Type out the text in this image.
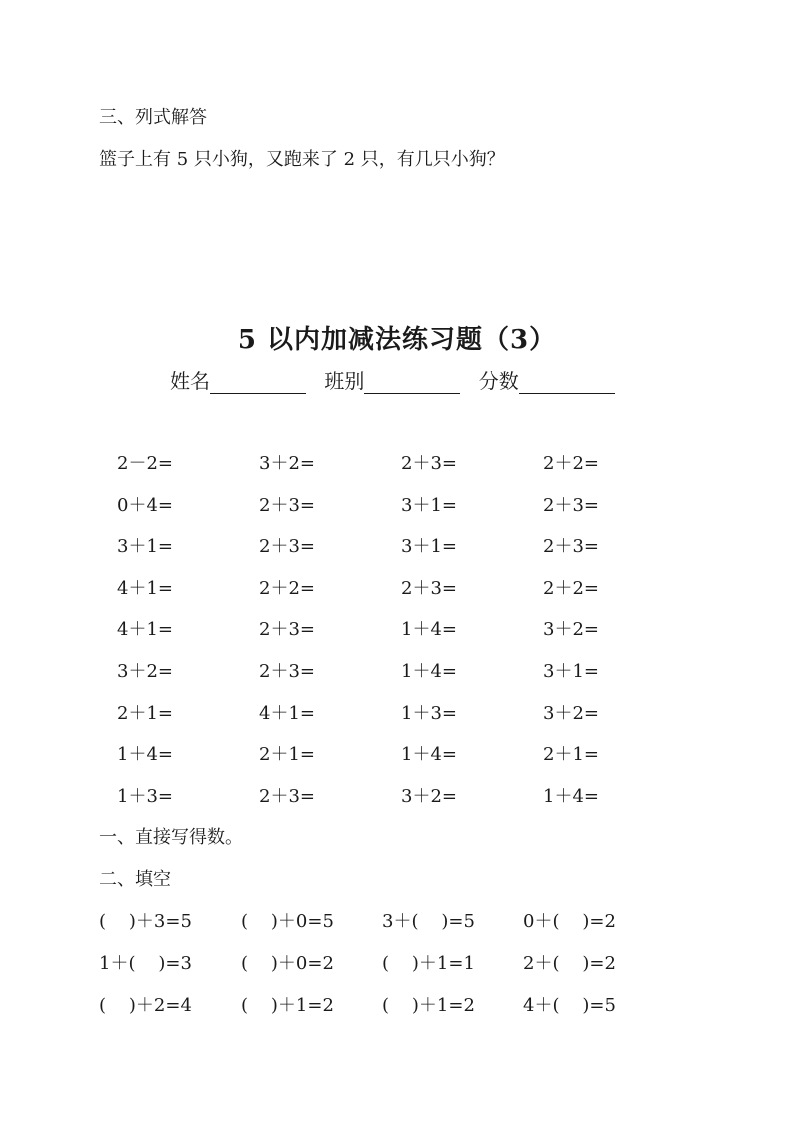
三、列式解答
篮子上有 5 只小狗，又跑来了 2 只，有几只小狗？
5 以内加减法练习题（3）
姓名	班别	分数
2－2=	3＋2=	2＋3=	2＋2=
0＋4=	2＋3=	3＋1=	2＋3=
3＋1=	2＋3=	3＋1=	2＋3=
4＋1=	2＋2=	2＋3=	2＋2=
4＋1=	2＋3=	1＋4=	3＋2=
3＋2=	2＋3=	1＋4=	3＋1=
2＋1=	4＋1=	1＋3=	3＋2=
1＋4=	2＋1=	1＋4=	2＋1=
1＋3=	2＋3=	3＋2=	1＋4=
一、直接写得数。
二、填空
(    )＋3=5	(    )＋0=5	3＋(    )=5	0＋(    )=2
1＋(    )=3	(    )＋0=2	(    )＋1=1	2＋(    )=2
(    )＋2=4	(    )＋1=2	(    )＋1=2	4＋(    )=5
